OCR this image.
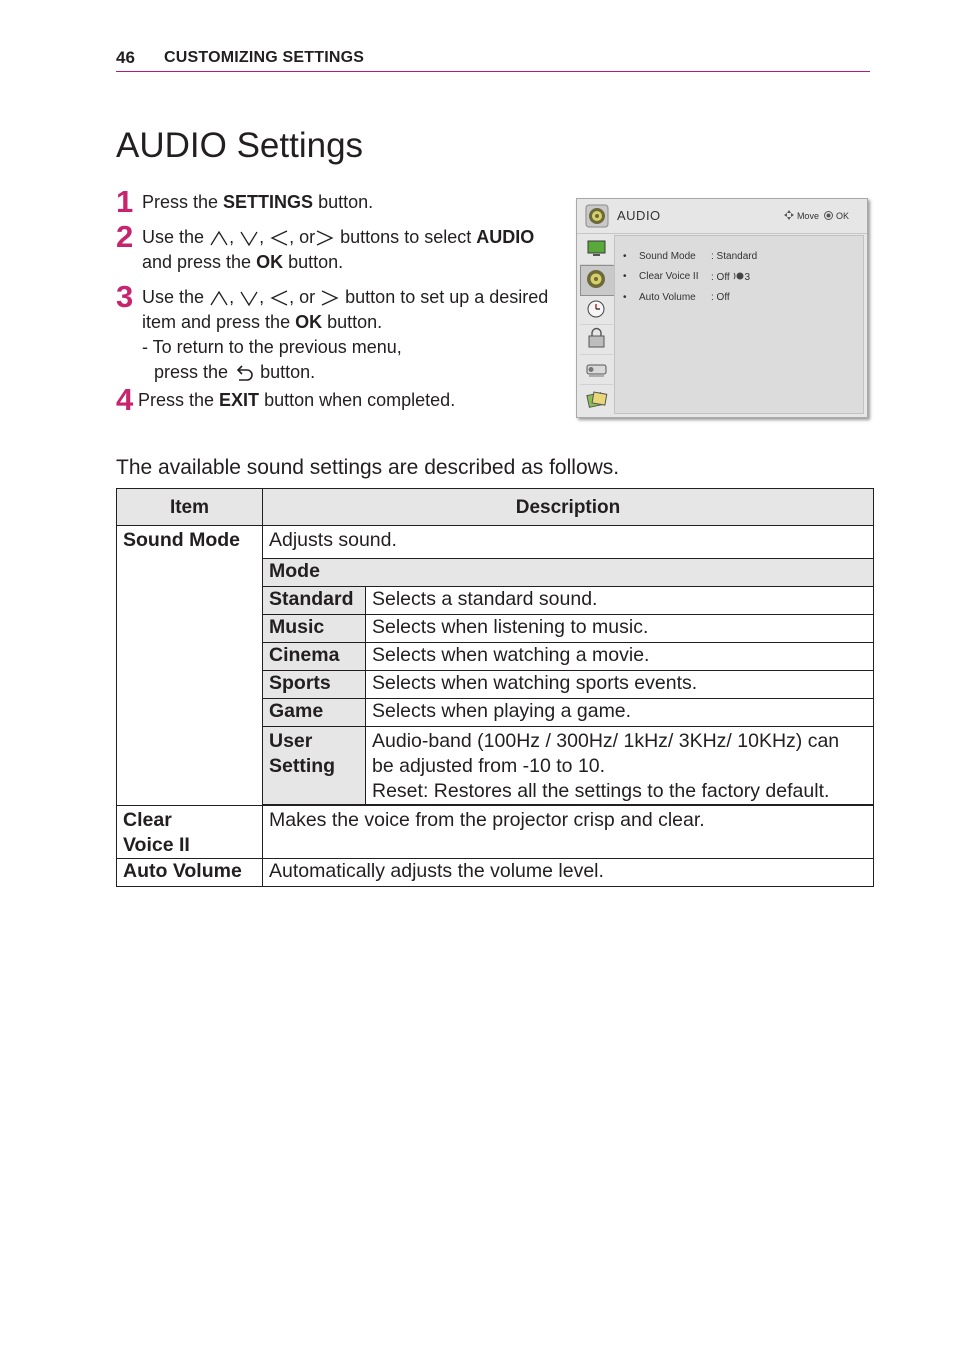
46 CUSTOMIZING SETTINGS
AUDIO Settings
1 Press the SETTINGS button.
2 Use the , , , or buttons to select AUDIO
and press the OK button.
3 Use the , , , or  button to set up a desired
item and press the OK button.
- To return to the previous menu,
press the  button.
4 Press the EXIT button when completed.
AUDIO	Move OK
• Sound Mode : Standard
• Clear Voice II : Off 3
• Auto Volume : Off
The available sound settings are described as follows.
Item	Description	
Sound Mode	Adjusts sound.	
	Mode	
	Standard	Selects a standard sound.
	Music	Selects when listening to music.
	Cinema	Selects when watching a movie.
	Sports	Selects when watching sports events.
	Game	Selects when playing a game.
	User
Setting	Audio-band (100Hz / 300Hz/ 1kHz/ 3KHz/ 10KHz) can
be adjusted from -10 to 10.
Reset: Restores all the settings to the factory default.

Clear
Voice II	Makes the voice from the projector crisp and clear.	
Auto Volume	Automatically adjusts the volume level.	
